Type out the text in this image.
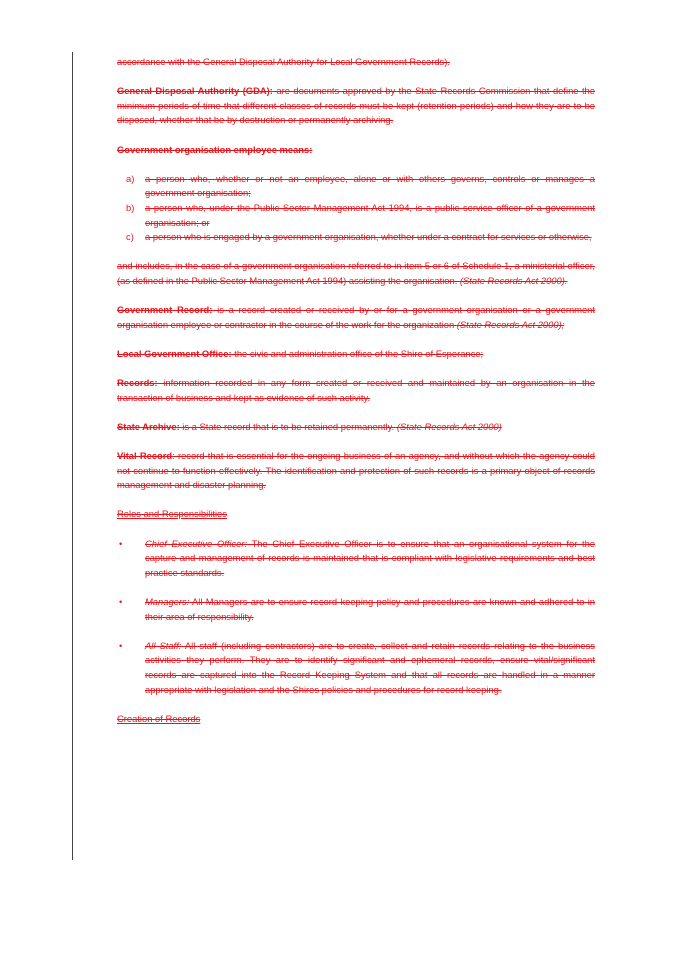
accordance with the General Disposal Authority for Local Government Records).

General Disposal Authority (GDA): are documents approved by the State Records Commission that define the minimum periods of time that different classes of records must be kept (retention periods) and how they are to be disposed, whether that be by destruction or permanently archiving.

Government organisation employee means:

a) a person who, whether or not an employee, alone or with others governs, controls or manages a government organisation;
b) a person who, under the Public Sector Management Act 1994, is a public service officer of a government organisation; or
c) a person who is engaged by a government organisation, whether under a contract for services or otherwise,

and includes, in the case of a government organisation referred to in item 5 or 6 of Schedule 1, a ministerial officer, (as defined in the Public Sector Management Act 1994) assisting the organisation. (State Records Act 2000).

Government Record: is a record created or received by or for a government organisation or a government organisation employee or contractor in the course of the work for the organization (State Records Act 2000);

Local Government Office: the civic and administration office of the Shire of Esperance;

Records: information recorded in any form created or received and maintained by an organisation in the transaction of business and kept as evidence of such activity.

State Archive: is a State record that is to be retained permanently. (State Records Act 2000)

Vital Record: record that is essential for the ongoing business of an agency, and without which the agency could not continue to function effectively. The identification and protection of such records is a primary object of records management and disaster planning.

Roles and Responsibilities

• Chief Executive Officer: The Chief Executive Officer is to ensure that an organisational system for the capture and management of records is maintained that is compliant with legislative requirements and best practice standards.
• Managers: All Managers are to ensure record keeping policy and procedures are known and adhered to in their area of responsibility.
• All Staff: All staff (including contractors) are to create, collect and retain records relating to the business activities they perform. They are to identify significant and ephemeral records, ensure vital/significant records are captured into the Record Keeping System and that all records are handled in a manner appropriate with legislation and the Shires policies and procedures for record keeping.

Creation of Records
